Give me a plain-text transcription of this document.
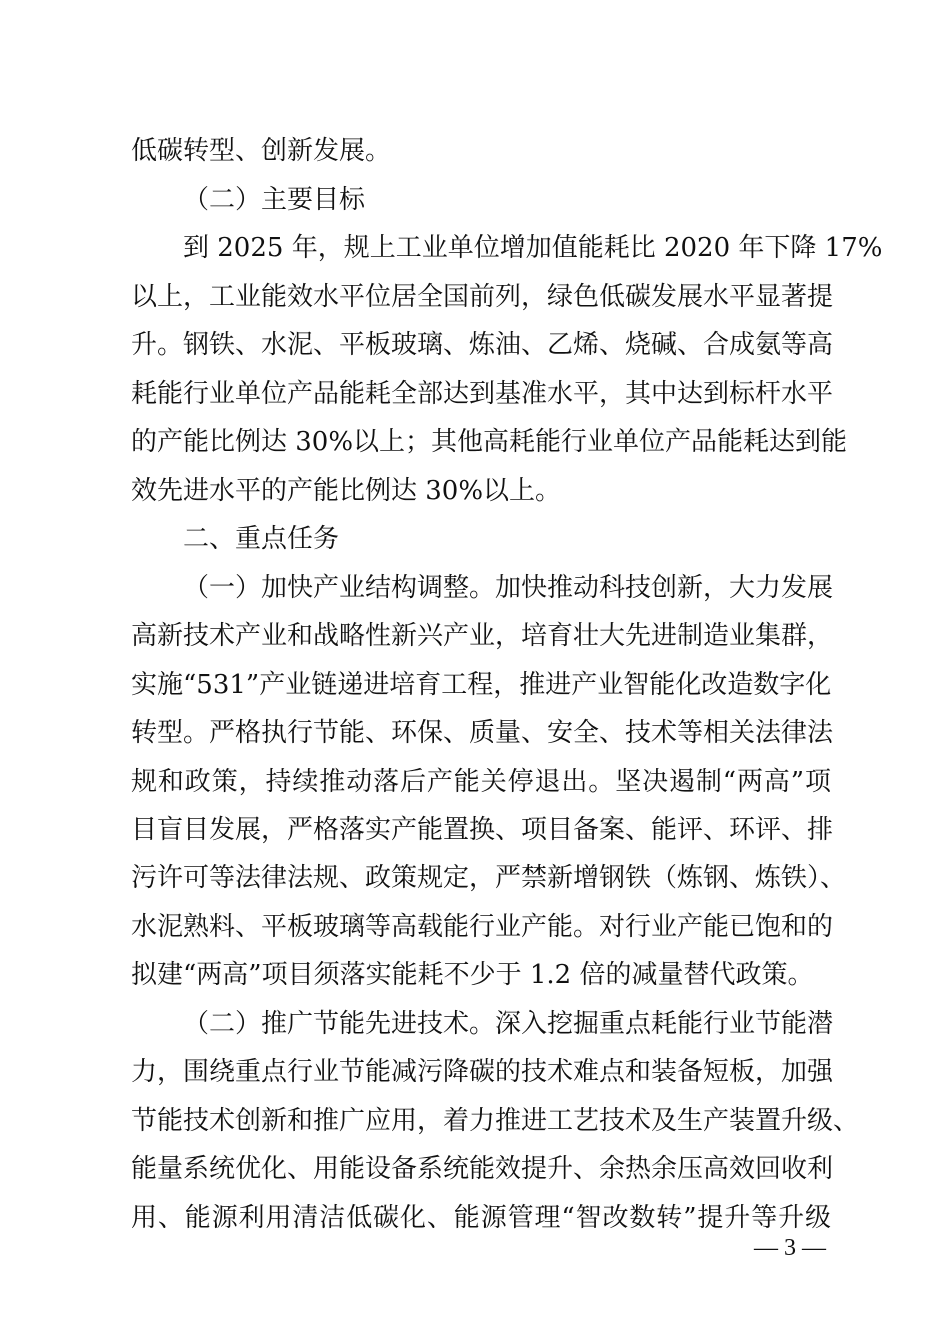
低碳转型、创新发展。
（二）主要目标
到 2025 年，规上工业单位增加值能耗比 2020 年下降 17%
以上，工业能效水平位居全国前列，绿色低碳发展水平显著提
升。钢铁、水泥、平板玻璃、炼油、乙烯、烧碱、合成氨等高
耗能行业单位产品能耗全部达到基准水平，其中达到标杆水平
的产能比例达 30%以上；其他高耗能行业单位产品能耗达到能
效先进水平的产能比例达 30%以上。
二、重点任务
（一）加快产业结构调整。加快推动科技创新，大力发展
高新技术产业和战略性新兴产业，培育壮大先进制造业集群，
实施“531”产业链递进培育工程，推进产业智能化改造数字化
转型。严格执行节能、环保、质量、安全、技术等相关法律法
规和政策，持续推动落后产能关停退出。坚决遏制“两高”项
目盲目发展，严格落实产能置换、项目备案、能评、环评、排
污许可等法律法规、政策规定，严禁新增钢铁（炼钢、炼铁）、
水泥熟料、平板玻璃等高载能行业产能。对行业产能已饱和的
拟建“两高”项目须落实能耗不少于 1.2 倍的减量替代政策。
（二）推广节能先进技术。深入挖掘重点耗能行业节能潜
力，围绕重点行业节能减污降碳的技术难点和装备短板，加强
节能技术创新和推广应用，着力推进工艺技术及生产装置升级、
能量系统优化、用能设备系统能效提升、余热余压高效回收利
用、能源利用清洁低碳化、能源管理“智改数转”提升等升级
— 3 —
